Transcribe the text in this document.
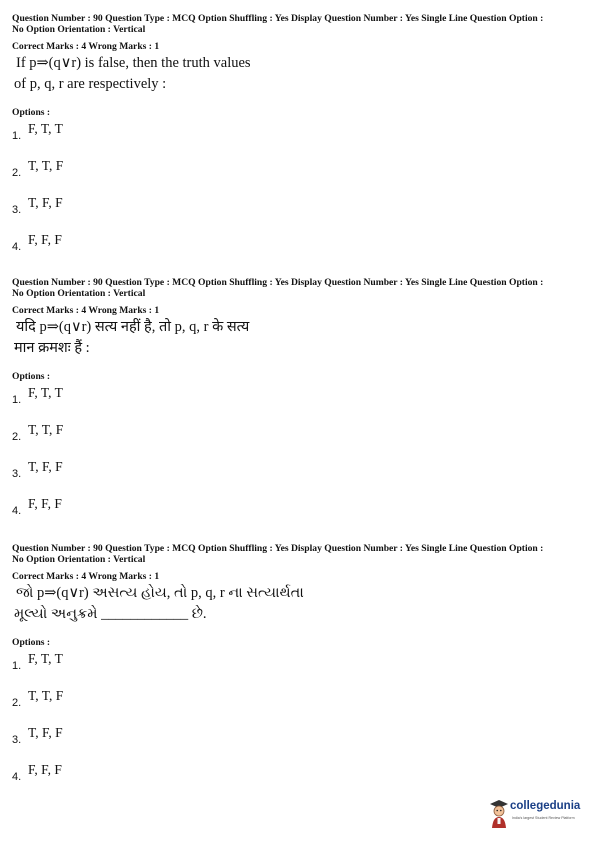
Question Number : 90 Question Type : MCQ Option Shuffling : Yes Display Question Number : Yes Single Line Question Option :
No Option Orientation : Vertical
Correct Marks : 4 Wrong Marks : 1
If p⇒(q∨r) is false, then the truth values
of p, q, r are respectively :
Options :
1. F, T, T
2. T, T, F
3. T, F, F
4. F, F, F
Question Number : 90 Question Type : MCQ Option Shuffling : Yes Display Question Number : Yes Single Line Question Option :
No Option Orientation : Vertical
Correct Marks : 4 Wrong Marks : 1
यदि p⇒(q∨r) सत्य नहीं है, तो p, q, r के सत्य
मान क्रमशः हैं :
Options :
1. F, T, T
2. T, T, F
3. T, F, F
4. F, F, F
Question Number : 90 Question Type : MCQ Option Shuffling : Yes Display Question Number : Yes Single Line Question Option :
No Option Orientation : Vertical
Correct Marks : 4 Wrong Marks : 1
જો p⇒(q∨r) અસત્ય હોય, તો p, q, r ના સત્યાર્થતા
મૂલ્યો અનુક્રમે ____________ છે.
Options :
1. F, T, T
2. T, T, F
3. T, F, F
4. F, F, F
collegedunia
India's largest Student Review Platform
